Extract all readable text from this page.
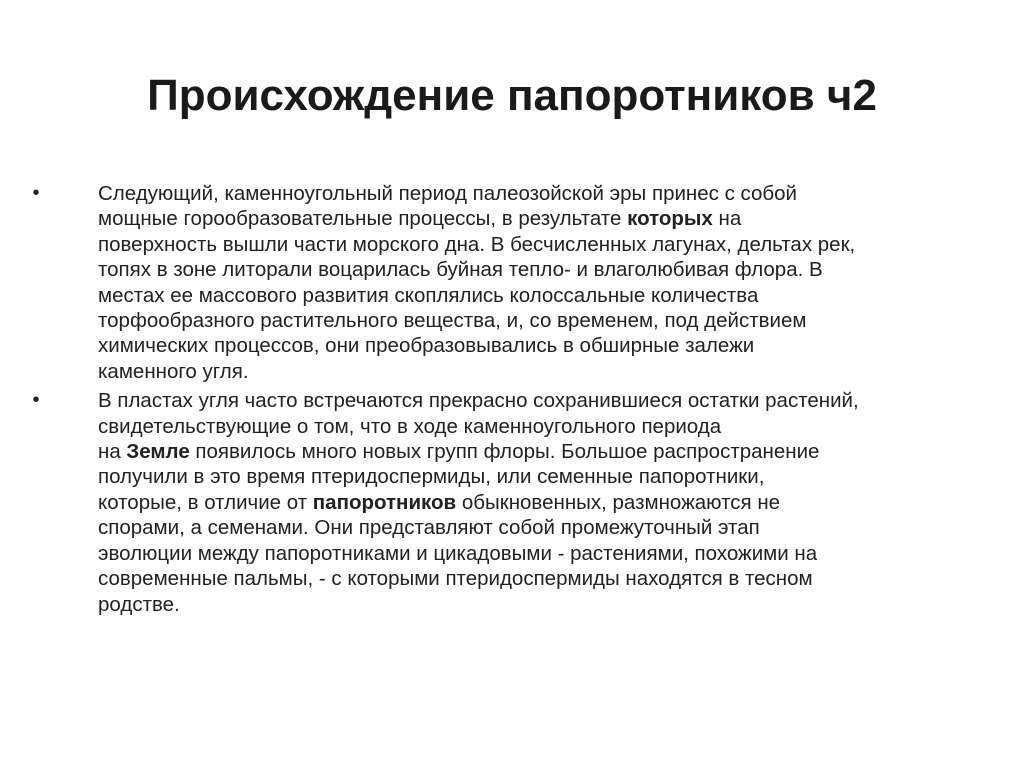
Происхождение папоротников ч2
•	Следующий, каменноугольный период палеозойской эры принес с собой
мощные горообразовательные процессы, в результате которых на
поверхность вышли части морского дна. В бесчисленных лагунах, дельтах рек,
топях в зоне литорали воцарилась буйная тепло- и влаголюбивая флора. В
местах ее массового развития скоплялись колоссальные количества
торфообразного растительного вещества, и, со временем, под действием
химических процессов, они преобразовывались в обширные залежи
каменного угля.
•	В пластах угля часто встречаются прекрасно сохранившиеся остатки растений,
свидетельствующие о том, что в ходе каменноугольного периода
на Земле появилось много новых групп флоры. Большое распространение
получили в это время птеридоспермиды, или семенные папоротники,
которые, в отличие от папоротников обыкновенных, размножаются не
спорами, а семенами. Они представляют собой промежуточный этап
эволюции между папоротниками и цикадовыми - растениями, похожими на
современные пальмы, - с которыми птеридоспермиды находятся в тесном
родстве.
